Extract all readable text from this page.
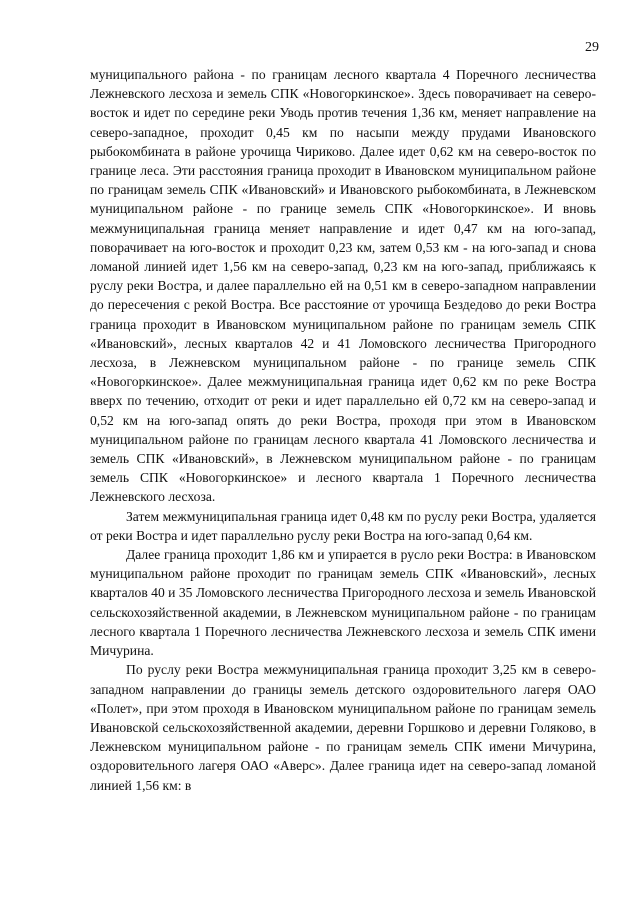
29

муниципального района - по границам лесного квартала 4 Поречного лесничества Лежневского лесхоза и земель СПК «Новогоркинское». Здесь поворачивает на северо-восток и идет по середине реки Уводь против течения 1,36 км, меняет направление на северо-западное, проходит 0,45 км по насыпи между прудами Ивановского рыбокомбината в районе урочища Чириково. Далее идет 0,62 км на северо-восток по границе леса. Эти расстояния граница проходит в Ивановском муниципальном районе по границам земель СПК «Ивановский» и Ивановского рыбокомбината, в Лежневском муниципальном районе - по границе земель СПК «Новогоркинское». И вновь межмуниципальная граница меняет направление и идет 0,47 км на юго-запад, поворачивает на юго-восток и проходит 0,23 км, затем 0,53 км - на юго-запад и снова ломаной линией идет 1,56 км на северо-запад, 0,23 км на юго-запад, приближаясь к руслу реки Востра, и далее параллельно ей на 0,51 км в северо-западном направлении до пересечения с рекой Востра. Все расстояние от урочища Бездедово до реки Востра граница проходит в Ивановском муниципальном районе по границам земель СПК «Ивановский», лесных кварталов 42 и 41 Ломовского лесничества Пригородного лесхоза, в Лежневском муниципальном районе - по границе земель СПК «Новогоркинское». Далее межмуниципальная граница идет 0,62 км по реке Востра вверх по течению, отходит от реки и идет параллельно ей 0,72 км на северо-запад и 0,52 км на юго-запад опять до реки Востра, проходя при этом в Ивановском муниципальном районе по границам лесного квартала 41 Ломовского лесничества и земель СПК «Ивановский», в Лежневском муниципальном районе - по границам земель СПК «Новогоркинское» и лесного квартала 1 Поречного лесничества Лежневского лесхоза.

Затем межмуниципальная граница идет 0,48 км по руслу реки Востра, удаляется от реки Востра и идет параллельно руслу реки Востра на юго-запад 0,64 км.

Далее граница проходит 1,86 км и упирается в русло реки Востра: в Ивановском муниципальном районе проходит по границам земель СПК «Ивановский», лесных кварталов 40 и 35 Ломовского лесничества Пригородного лесхоза и земель Ивановской сельскохозяйственной академии, в Лежневском муниципальном районе - по границам лесного квартала 1 Поречного лесничества Лежневского лесхоза и земель СПК имени Мичурина.

По руслу реки Востра межмуниципальная граница проходит 3,25 км в северо-западном направлении до границы земель детского оздоровительного лагеря ОАО «Полет», при этом проходя в Ивановском муниципальном районе по границам земель Ивановской сельскохозяйственной академии, деревни Горшково и деревни Голяково, в Лежневском муниципальном районе - по границам земель СПК имени Мичурина, оздоровительного лагеря ОАО «Аверс». Далее граница идет на северо-запад ломаной линией 1,56 км: в
